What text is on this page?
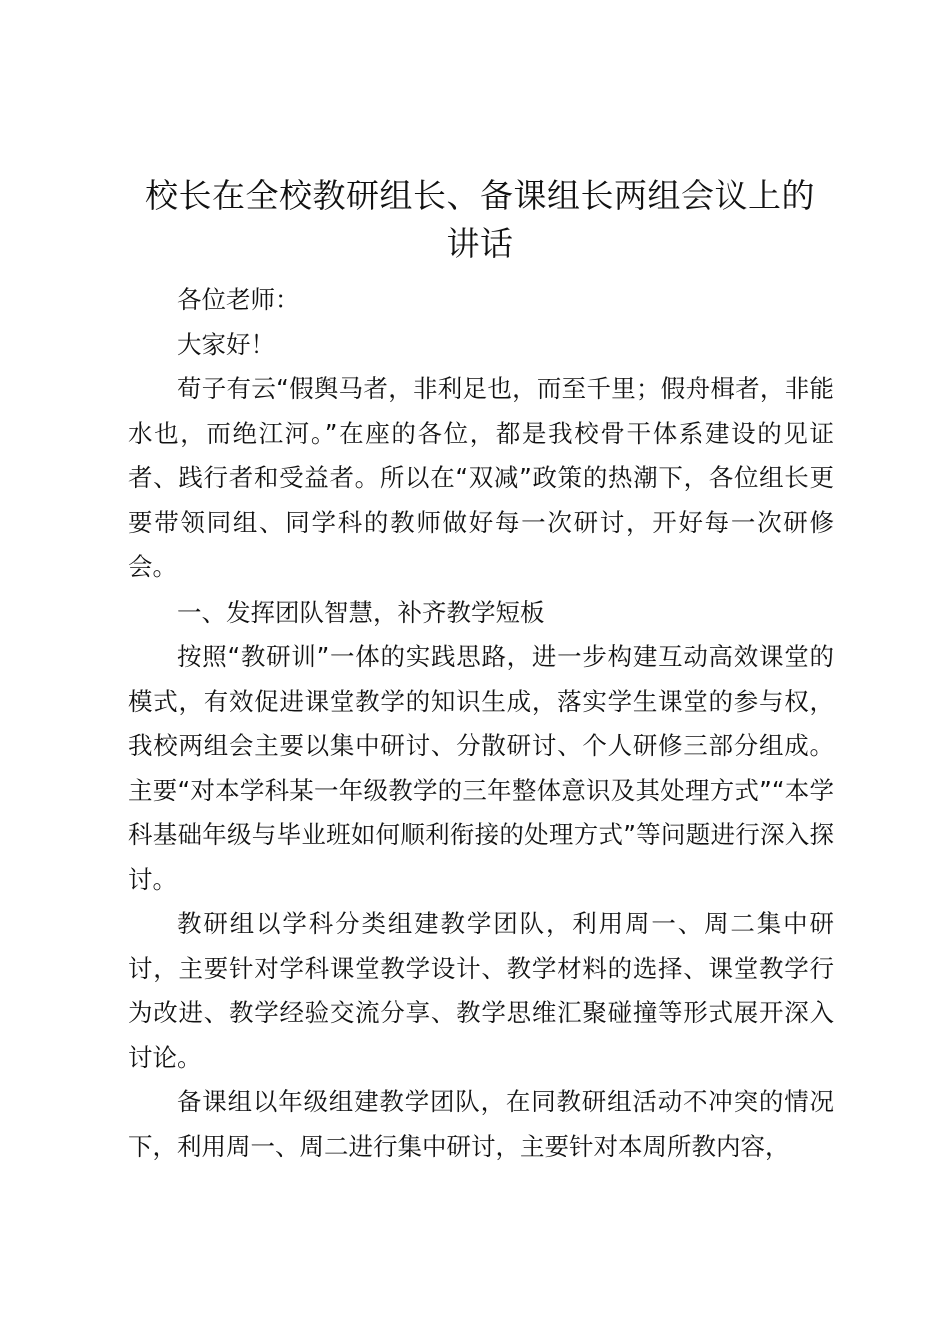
校长在全校教研组长、备课组长两组会议上的
讲话

各位老师：

大家好！

荀子有云“假舆马者，非利足也，而至千里；假舟楫者，非能水也，而绝江河。”在座的各位，都是我校骨干体系建设的见证者、践行者和受益者。所以在“双减”政策的热潮下，各位组长更要带领同组、同学科的教师做好每一次研讨，开好每一次研修会。

一、发挥团队智慧，补齐教学短板

按照“教研训”一体的实践思路，进一步构建互动高效课堂的模式，有效促进课堂教学的知识生成，落实学生课堂的参与权，我校两组会主要以集中研讨、分散研讨、个人研修三部分组成。主要“对本学科某一年级教学的三年整体意识及其处理方式”“本学科基础年级与毕业班如何顺利衔接的处理方式”等问题进行深入探讨。

教研组以学科分类组建教学团队，利用周一、周二集中研讨，主要针对学科课堂教学设计、教学材料的选择、课堂教学行为改进、教学经验交流分享、教学思维汇聚碰撞等形式展开深入讨论。

备课组以年级组建教学团队，在同教研组活动不冲突的情况下，利用周一、周二进行集中研讨，主要针对本周所教内容，
